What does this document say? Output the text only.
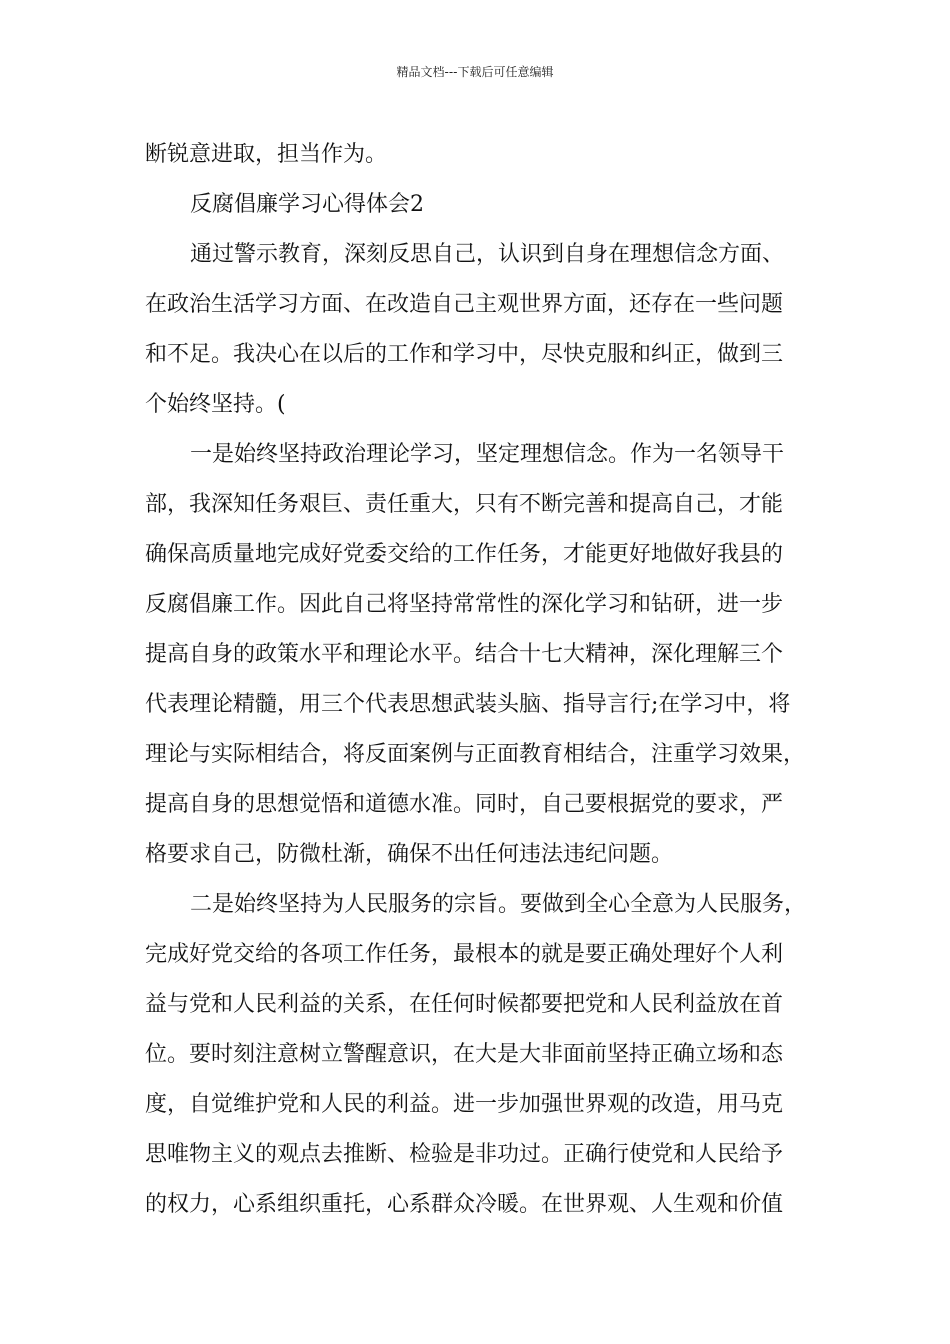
精品文档---下载后可任意编辑
断锐意进取，担当作为。
反腐倡廉学习心得体会2
通过警示教育，深刻反思自己，认识到自身在理想信念方面、
在政治生活学习方面、在改造自己主观世界方面，还存在一些问题
和不足。我决心在以后的工作和学习中，尽快克服和纠正，做到三
个始终坚持。(
一是始终坚持政治理论学习，坚定理想信念。作为一名领导干
部，我深知任务艰巨、责任重大，只有不断完善和提高自己，才能
确保高质量地完成好党委交给的工作任务，才能更好地做好我县的
反腐倡廉工作。因此自己将坚持常常性的深化学习和钻研，进一步
提高自身的政策水平和理论水平。结合十七大精神，深化理解三个
代表理论精髓，用三个代表思想武装头脑、指导言行;在学习中，将
理论与实际相结合，将反面案例与正面教育相结合，注重学习效果，
提高自身的思想觉悟和道德水准。同时，自己要根据党的要求，严
格要求自己，防微杜渐，确保不出任何违法违纪问题。
二是始终坚持为人民服务的宗旨。要做到全心全意为人民服务，
完成好党交给的各项工作任务，最根本的就是要正确处理好个人利
益与党和人民利益的关系，在任何时候都要把党和人民利益放在首
位。要时刻注意树立警醒意识，在大是大非面前坚持正确立场和态
度，自觉维护党和人民的利益。进一步加强世界观的改造，用马克
思唯物主义的观点去推断、检验是非功过。正确行使党和人民给予
的权力，心系组织重托，心系群众冷暖。在世界观、人生观和价值
